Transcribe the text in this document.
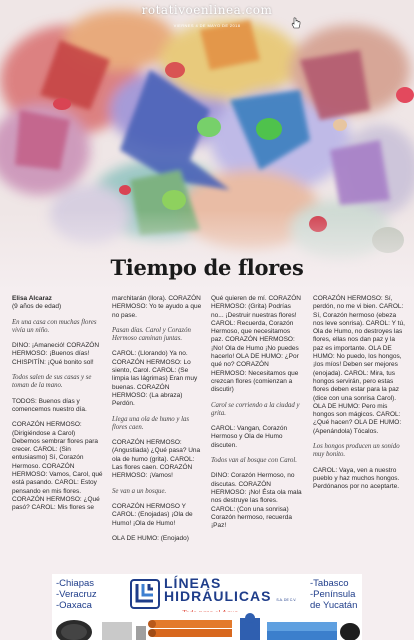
rotativoenlinea.com
VIERNES 4 DE MAYO DE 2018
Tiempo de flores

Elisa Alcaraz

(9 años de edad)

En una casa con muchas flores vivía un niño.

DINO: ¡Amaneció! CORAZÓN HERMOSO: ¡Buenos días! CHISPITÍN: ¡Qué bonito sol!

Todos salen de sus casas y se toman de la mano.

TODOS: Buenos días y comencemos nuestro día.

CORAZÓN HERMOSO: (Dirigiéndose a Carol) Debemos sembrar flores para crecer. CAROL: (Sin entusiasmo) Sí, Corazón Hermoso. CORAZÓN HERMOSO: Vamos, Carol, qué está pasando. CAROL: Estoy pensando en mis flores. CORAZÓN HERMOSO: ¿Qué pasó? CAROL: Mis flores se

marchitarán (llora). CORAZÓN HERMOSO: Yo te ayudo a que no pase.

Pasan días. Carol y Corazón Hermoso caminan juntas.

CAROL: (Llorando) Ya no. CORAZÓN HERMOSO: Lo siento, Carol. CAROL: (Se limpia las lágrimas) Eran muy buenas. CORAZÓN HERMOSO: (La abraza) Perdón.

Llega una ola de humo y las flores caen.

CORAZÓN HERMOSO: (Angustiada) ¿Qué pasa? Una ola de humo (grita). CAROL: Las flores caen. CORAZÓN HERMOSO: ¡Vamos!

Se van a un bosque.

CORAZÓN HERMOSO Y CAROL: (Enojadas) ¡Ola de Humo! ¡Ola de Humo!

OLA DE HUMO: (Enojado)

Qué quieren de mí. CORAZÓN HERMOSO: (Grita) Podrías no... ¡Destruir nuestras flores! CAROL: Recuerda, Corazón Hermoso, que necesitamos paz. CORAZÓN HERMOSO: ¡No! Ola de Humo ¡No puedes hacerlo! OLA DE HUMO: ¿Por qué no? CORAZÓN HERMOSO: Necesitamos que crezcan flores (comienzan a discutir)

Carol se corriendo a la ciudad y grita.

CAROL: Vangan, Corazón Hermoso y Ola de Humo discuten.

Todos van al bosque con Carol.

DINO: Corazón Hermoso, no discutas. CORAZÓN HERMOSO: ¡No! Ésta ola mala nos destruye las flores. CAROL: (Con una sonrisa) Corazón hermoso, recuerda ¡Paz!

CORAZÓN HERMOSO: Sí, perdón, no me vi bien. CAROL: Sí, Corazón hermoso (ebeza nos leve sonrisa). CAROL: Y tú, Ola de Humo, no destroyes las flores, ellas nos dan paz y la paz es importante. OLA DE HUMO: No puedo, los hongos, ¡los míos! Deben ser mejores (enojada). CAROL: Mira, tus hongos servirán, pero estas flores deben estar para la paz (dice con una sonrisa Carol). OLA DE HUMO: Pero mis hongos son mágicos. CAROL: ¿Qué hacen? OLA DE HUMO: (Apenándola) Tócalos.

Los hongos producen un sonido muy bonito.

CAROL: Vaya, ven a nuestro pueblo y haz muchos hongos. Perdónanos por no aceptarte.

-Chiapas
-Veracruz
-Oaxaca
-Tabasco
-Península
de Yucatán
LÍNEAS
HIDRÁULICAS S.A. DE C.V.
